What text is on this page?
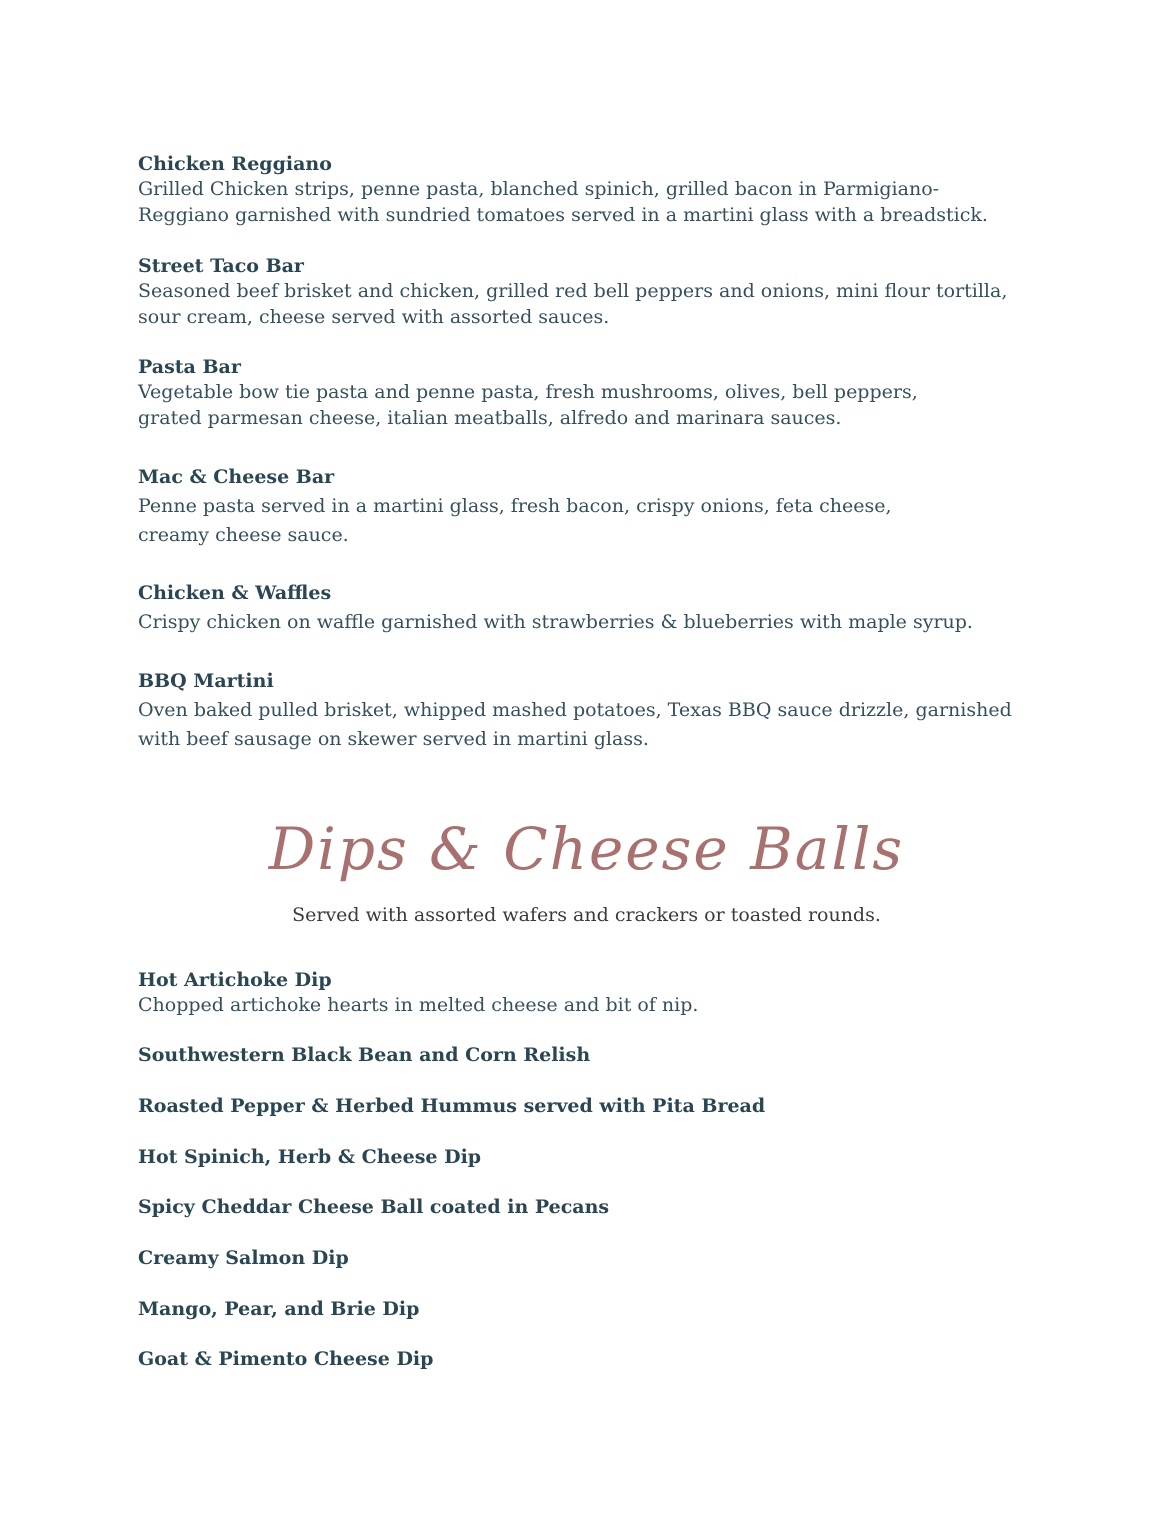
Chicken Reggiano
Grilled Chicken strips, penne pasta, blanched spinich, grilled bacon in Parmigiano-
Reggiano garnished with sundried tomatoes served in a martini glass with a breadstick.
Street Taco Bar
Seasoned beef brisket and chicken, grilled red bell peppers and onions, mini flour tortilla,
sour cream, cheese served with assorted sauces.
Pasta Bar
Vegetable bow tie pasta and penne pasta, fresh mushrooms, olives, bell peppers,
grated parmesan cheese, italian meatballs, alfredo and marinara sauces.
Mac & Cheese Bar
Penne pasta served in a martini glass, fresh bacon, crispy onions, feta cheese,
creamy cheese sauce.
Chicken & Waffles
Crispy chicken on waffle garnished with strawberries & blueberries with maple syrup.
BBQ Martini
Oven baked pulled brisket, whipped mashed potatoes, Texas BBQ sauce drizzle, garnished
with beef sausage on skewer served in martini glass.
Dips & Cheese Balls
Served with assorted wafers and crackers or toasted rounds.
Hot Artichoke Dip
Chopped artichoke hearts in melted cheese and bit of nip.
Southwestern Black Bean and Corn Relish
Roasted Pepper & Herbed Hummus served with Pita Bread
Hot Spinich, Herb & Cheese Dip
Spicy Cheddar Cheese Ball coated in Pecans
Creamy Salmon Dip
Mango, Pear, and Brie Dip
Goat & Pimento Cheese Dip
